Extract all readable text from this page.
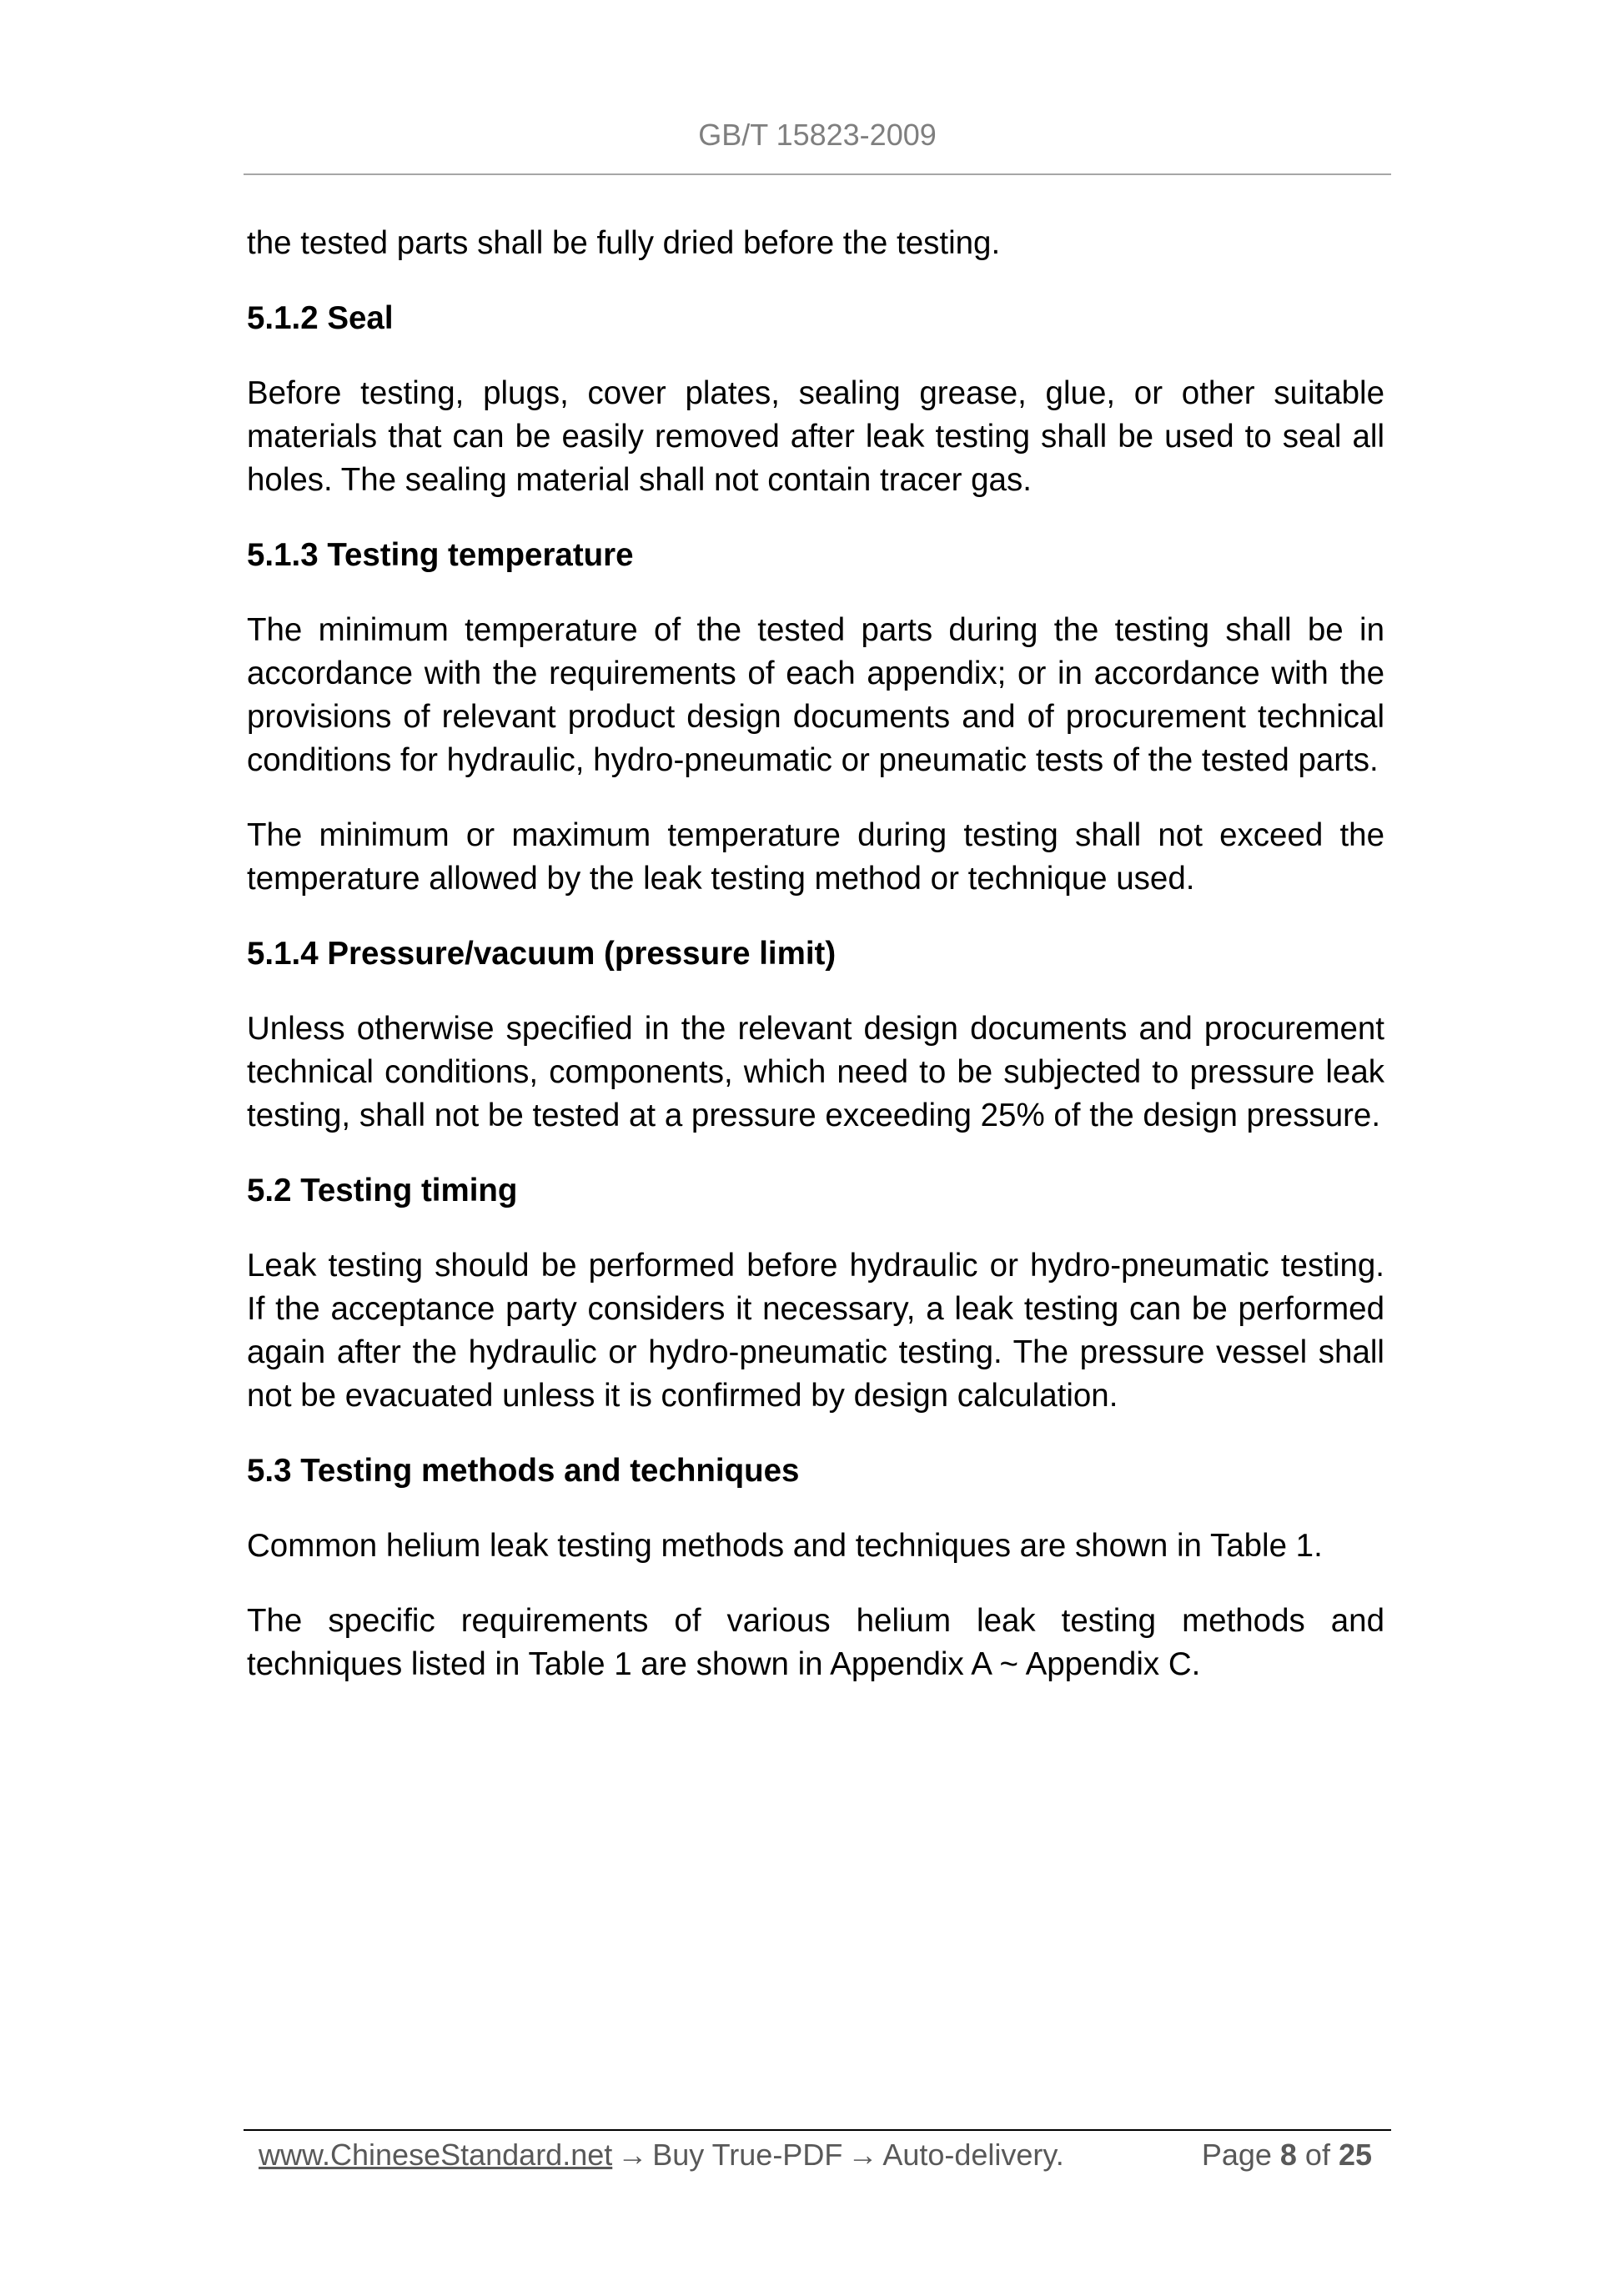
GB/T 15823-2009

the tested parts shall be fully dried before the testing.

5.1.2 Seal

Before testing, plugs, cover plates, sealing grease, glue, or other suitable materials that can be easily removed after leak testing shall be used to seal all holes. The sealing material shall not contain tracer gas.

5.1.3 Testing temperature

The minimum temperature of the tested parts during the testing shall be in accordance with the requirements of each appendix; or in accordance with the provisions of relevant product design documents and of procurement technical conditions for hydraulic, hydro-pneumatic or pneumatic tests of the tested parts.

The minimum or maximum temperature during testing shall not exceed the temperature allowed by the leak testing method or technique used.

5.1.4 Pressure/vacuum (pressure limit)

Unless otherwise specified in the relevant design documents and procurement technical conditions, components, which need to be subjected to pressure leak testing, shall not be tested at a pressure exceeding 25% of the design pressure.

5.2 Testing timing

Leak testing should be performed before hydraulic or hydro-pneumatic testing. If the acceptance party considers it necessary, a leak testing can be performed again after the hydraulic or hydro-pneumatic testing. The pressure vessel shall not be evacuated unless it is confirmed by design calculation.

5.3 Testing methods and techniques

Common helium leak testing methods and techniques are shown in Table 1.

The specific requirements of various helium leak testing methods and techniques listed in Table 1 are shown in Appendix A ~ Appendix C.

www.ChineseStandard.net → Buy True-PDF → Auto-delivery.	Page 8 of 25
